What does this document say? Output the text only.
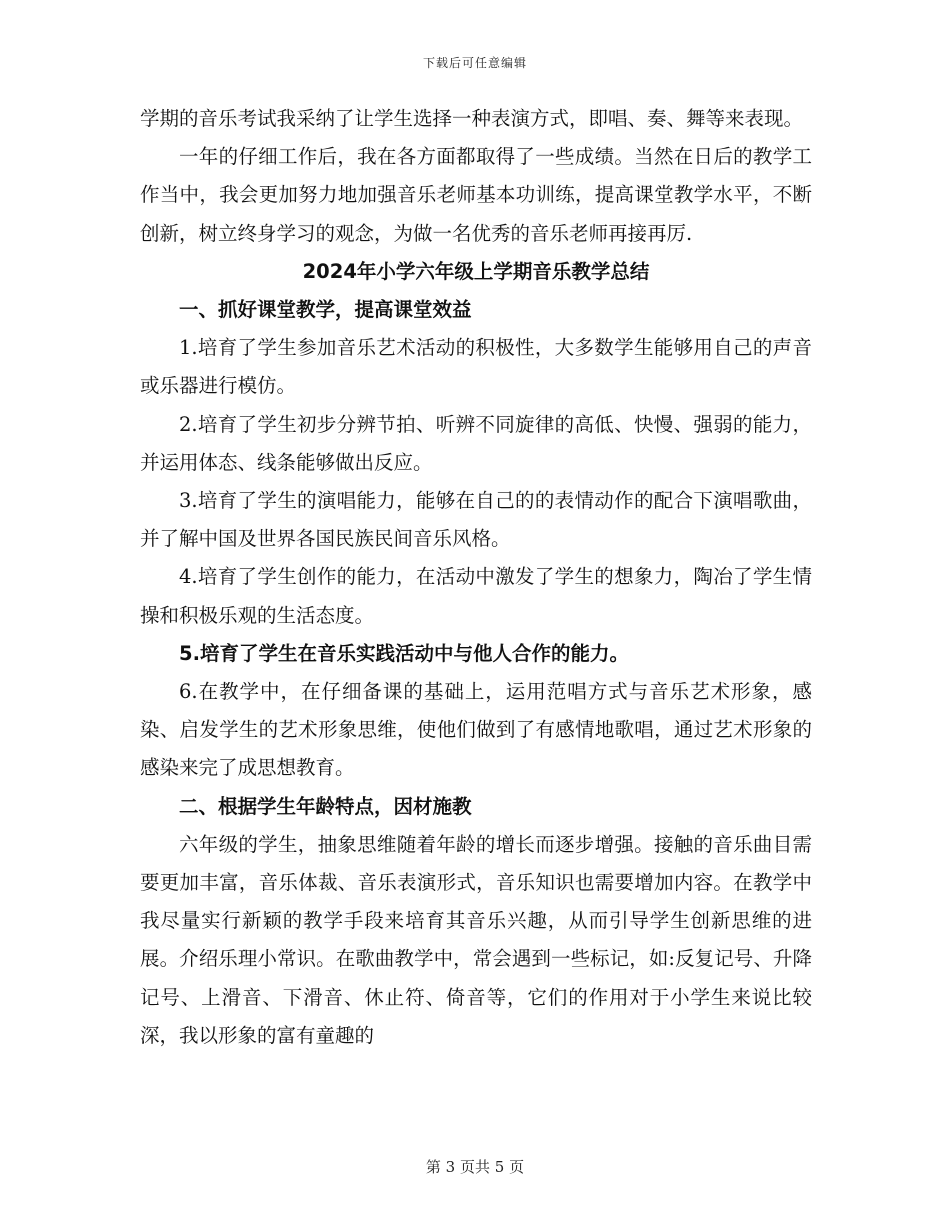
下载后可任意编辑

学期的音乐考试我采纳了让学生选择一种表演方式，即唱、奏、舞等来表现。

一年的仔细工作后，我在各方面都取得了一些成绩。当然在日后的教学工作当中，我会更加努力地加强音乐老师基本功训练，提高课堂教学水平，不断创新，树立终身学习的观念，为做一名优秀的音乐老师再接再厉.

2024年小学六年级上学期音乐教学总结

一、抓好课堂教学，提高课堂效益

1.培育了学生参加音乐艺术活动的积极性，大多数学生能够用自己的声音或乐器进行模仿。

2.培育了学生初步分辨节拍、听辨不同旋律的高低、快慢、强弱的能力，并运用体态、线条能够做出反应。

3.培育了学生的演唱能力，能够在自己的的表情动作的配合下演唱歌曲，并了解中国及世界各国民族民间音乐风格。

4.培育了学生创作的能力，在活动中激发了学生的想象力，陶冶了学生情操和积极乐观的生活态度。

5.培育了学生在音乐实践活动中与他人合作的能力。

6.在教学中，在仔细备课的基础上，运用范唱方式与音乐艺术形象，感染、启发学生的艺术形象思维，使他们做到了有感情地歌唱，通过艺术形象的感染来完了成思想教育。

二、根据学生年龄特点，因材施教

六年级的学生，抽象思维随着年龄的增长而逐步增强。接触的音乐曲目需要更加丰富，音乐体裁、音乐表演形式，音乐知识也需要增加内容。在教学中我尽量实行新颖的教学手段来培育其音乐兴趣，从而引导学生创新思维的进展。介绍乐理小常识。在歌曲教学中，常会遇到一些标记，如:反复记号、升降记号、上滑音、下滑音、休止符、倚音等，它们的作用对于小学生来说比较深，我以形象的富有童趣的

第 3 页共 5 页
